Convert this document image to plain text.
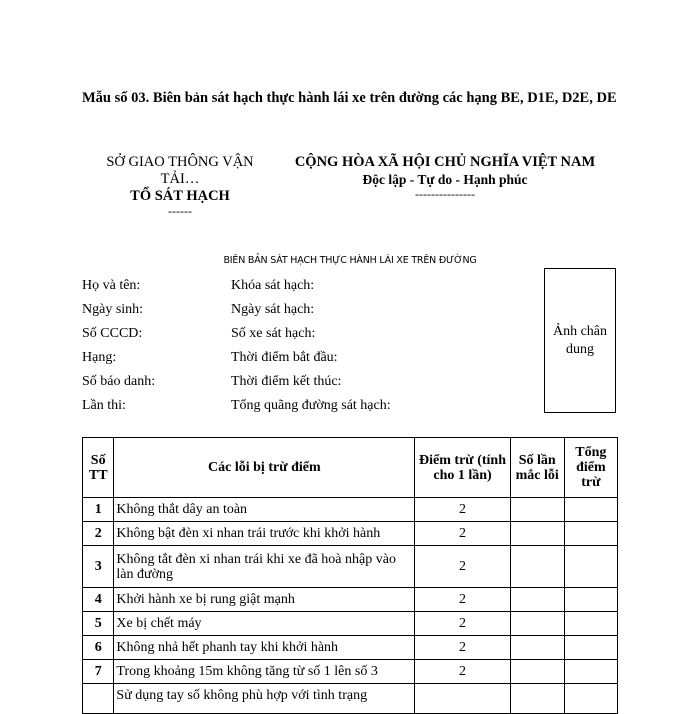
Mẫu số 03. Biên bản sát hạch thực hành lái xe trên đường các hạng BE, D1E, D2E, DE
SỞ GIAO THÔNG VẬN
TẢI…
TỔ SÁT HẠCH
------
CỘNG HÒA XÃ HỘI CHỦ NGHĨA VIỆT NAM
Độc lập - Tự do - Hạnh phúc
---------------
BIÊN BẢN SÁT HẠCH THỰC HÀNH LÁI XE TRÊN ĐƯỜNG
Họ và tên:
Ngày sinh:
Số CCCD:
Hạng:
Số báo danh:
Lần thi:
Khóa sát hạch:
Ngày sát hạch:
Số xe sát hạch:
Thời điểm bắt đầu:
Thời điểm kết thúc:
Tổng quãng đường sát hạch:
Ảnh chân dung
Số TT	Các lỗi bị trừ điểm	Điểm trừ (tính cho 1 lần)	Số lần mắc lỗi	Tổng điểm trừ
1	Không thắt dây an toàn	2		
2	Không bật đèn xi nhan trái trước khi khởi hành	2		
3	Không tắt đèn xi nhan trái khi xe đã hoà nhập vào làn đường	2		
4	Khởi hành xe bị rung giật mạnh	2		
5	Xe bị chết máy	2		
6	Không nhả hết phanh tay khi khởi hành	2		
7	Trong khoảng 15m không tăng từ số 1 lên số 3	2		
	Sử dụng tay số không phù hợp với tình trạng			
